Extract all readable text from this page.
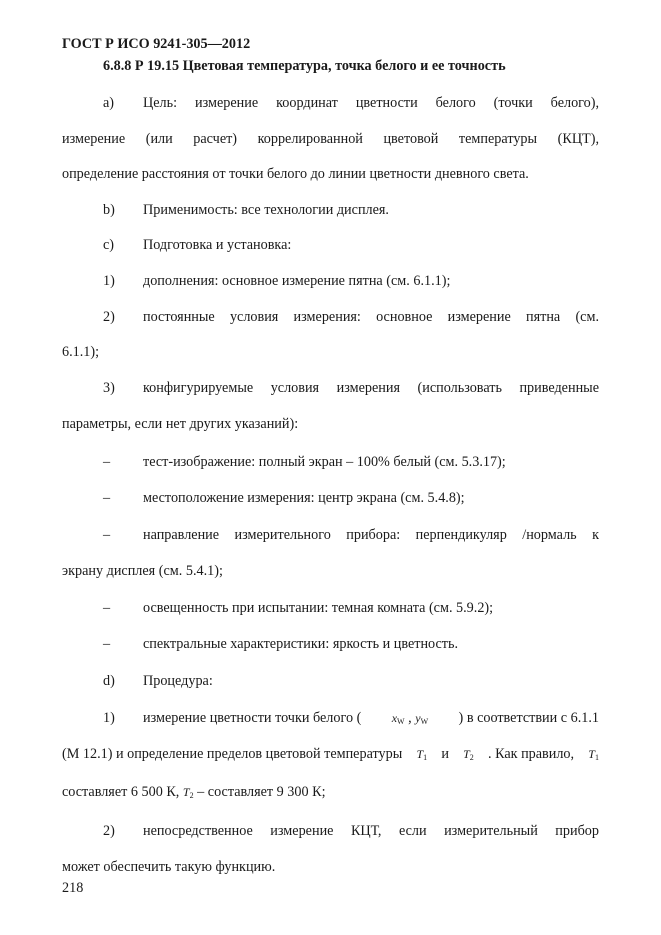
ГОСТ Р ИСО 9241-305—2012
6.8.8 Р 19.15 Цветовая температура, точка белого и ее точность
a) Цель: измерение координат цветности белого (точки белого),
измерение (или расчет) коррелированной цветовой температуры (КЦТ),
определение расстояния от точки белого до линии цветности дневного света.
b) Применимость: все технологии дисплея.
c) Подготовка и установка:
1) дополнения: основное измерение пятна (см. 6.1.1);
2) постоянные условия измерения: основное измерение пятна (см.
6.1.1);
3) конфигурируемые условия измерения (использовать приведенные
параметры, если нет других указаний):
– тест-изображение: полный экран – 100% белый (см. 5.3.17);
– местоположение измерения: центр экрана (см. 5.4.8);
– направление измерительного прибора: перпендикуляр /нормаль к
экрану дисплея (см. 5.4.1);
– освещенность при испытании: темная комната (см. 5.9.2);
– спектральные характеристики: яркость и цветность.
d) Процедура:
1) измерение цветности точки белого (	$x_W$ , $y_W$ ) в соответствии с 6.1.1
(М 12.1) и определение пределов цветовой температуры $T_1$ и $T_2$ . Как правило, $T_1$
составляет 6 500 К, $T_2$ – составляет 9 300 К;
2) непосредственное измерение КЦТ, если измерительный прибор
может обеспечить такую функцию.
218
